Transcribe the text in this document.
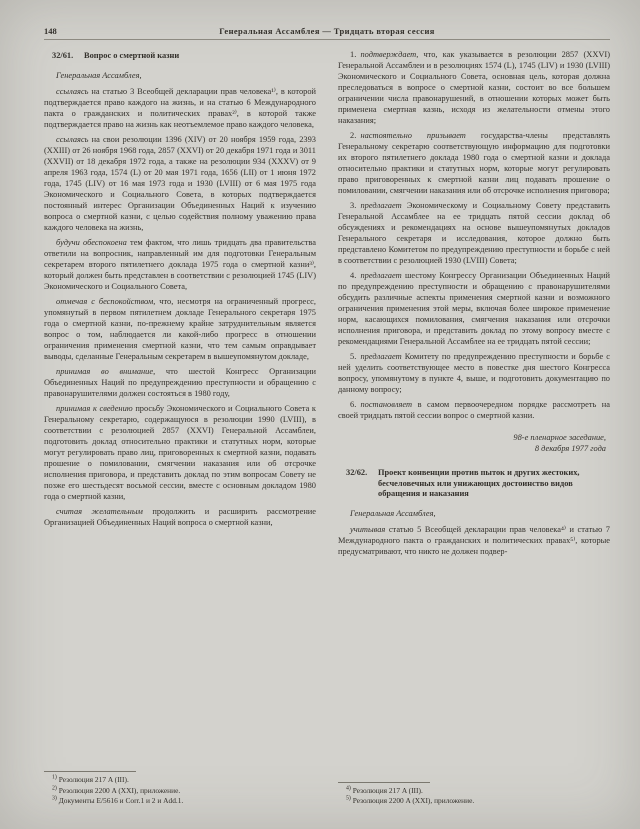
148	Генеральная Ассамблея — Тридцать вторая сессия
32/61.	Вопрос о смертной казни

Генеральная Ассамблея,

ссылаясь на статью 3 Всеобщей декларации прав человека¹⁾, в которой подтверждается право каждого на жизнь, и на статью 6 Международного пакта о гражданских и политических правах²⁾, в которой также подтверждается право на жизнь как неотъемлемое право каждого человека,

ссылаясь на свои резолюции 1396 (XIV) от 20 ноября 1959 года, 2393 (XXIII) от 26 ноября 1968 года, 2857 (XXVI) от 20 декабря 1971 года и 3011 (XXVII) от 18 декабря 1972 года, а также на резолюции 934 (XXXV) от 9 апреля 1963 года, 1574 (L) от 20 мая 1971 года, 1656 (LII) от 1 июня 1972 года, 1745 (LIV) от 16 мая 1973 года и 1930 (LVIII) от 6 мая 1975 года Экономического и Социального Совета, в которых подтверждается постоянный интерес Организации Объединенных Наций к изучению вопроса о смертной казни, с целью содействия полному уважению права каждого человека на жизнь,

будучи обеспокоена тем фактом, что лишь тридцать два правительства ответили на вопросник, направленный им для подготовки Генеральным секретарем второго пятилетнего доклада 1975 года о смертной казни³⁾, который должен быть представлен в соответствии с резолюцией 1745 (LIV) Экономического и Социального Совета,

отмечая с беспокойством, что, несмотря на ограниченный прогресс, упомянутый в первом пятилетнем докладе Генерального секретаря 1975 года о смертной казни, по-прежнему крайне затруднительным является вопрос о том, наблюдается ли какой-либо прогресс в отношении ограничения применения смертной казни, что тем самым оправдывает выводы, сделанные Генеральным секретарем в вышеупомянутом докладе,

принимая во внимание, что шестой Конгресс Организации Объединенных Наций по предупреждению преступности и обращению с правонарушителями должен состояться в 1980 году,

принимая к сведению просьбу Экономического и Социального Совета к Генеральному секретарю, содержащуюся в резолюции 1990 (LVIII), в соответствии с резолюцией 2857 (XXVI) Генеральной Ассамблеи, подготовить доклад относительно практики и статутных норм, которые могут регулировать право лиц, приговоренных к смертной казни, подавать прошение о помиловании, смягчении наказания или об отсрочке исполнения приговора, и представить доклад по этим вопросам Совету не позже его шестьдесят восьмой сессии, вместе с основным докладом 1980 года о смертной казни,

считая желательным продолжить и расширить рассмотрение Организацией Объединенных Наций вопроса о смертной казни,

$^{1)}$ Резолюция 217 A (III).

$^{2)}$ Резолюция 2200 A (XXI), приложение.

$^{3)}$ Документы E/5616 и Corr.1 и 2 и Add.1.

1.  подтверждает, что, как указывается в резолюции 2857 (XXVI) Генеральной Ассамблеи и в резолюциях 1574 (L), 1745 (LIV) и 1930 (LVIII) Экономического и Социального Совета, основная цель, которая должна преследоваться в вопросе о смертной казни, состоит во все большем ограничении числа правонарушений, в отношении которых может быть применена смертная казнь, исходя из желательности отмены этого наказания;

2.  настоятельно призывает государства-члены представлять Генеральному секретарю соответствующую информацию для подготовки их второго пятилетнего доклада 1980 года о смертной казни и доклада относительно практики и статутных норм, которые могут регулировать право приговоренных к смертной казни лиц подавать прошение о помиловании, смягчении наказания или об отсрочке исполнения приговора;

3.  предлагает Экономическому и Социальному Совету представить Генеральной Ассамблее на ее тридцать пятой сессии доклад об обсуждениях и рекомендациях на основе вышеупомянутых докладов Генерального секретаря и исследования, которое должно быть представлено Комитетом по предупреждению преступности и борьбе с ней в соответствии с резолюцией 1930 (LVIII) Совета;

4.  предлагает шестому Конгрессу Организации Объединенных Наций по предупреждению преступности и обращению с правонарушителями обсудить различные аспекты применения смертной казни и возможного ограничения применения этой меры, включая более широкое применение норм, касающихся помилования, смягчения наказания или отсрочки исполнения приговора, и представить доклад по этому вопросу вместе с рекомендациями Генеральной Ассамблее на ее тридцать пятой сессии;

5.  предлагает Комитету по предупреждению преступности и борьбе с ней уделить соответствующее место в повестке дня шестого Конгресса вопросу, упомянутому в пункте 4, выше, и подготовить документацию по данному вопросу;

6.  постановляет в самом первоочередном порядке рассмотреть на своей тридцать пятой сессии вопрос о смертной казни.

98-е пленарное заседание,
8 декабря 1977 года
32/62.	Проект конвенции против пыток и других жестоких, бесчеловечных или унижающих достоинство видов обращения и наказания

Генеральная Ассамблея,

учитывая статью 5 Всеобщей декларации прав человека⁴⁾ и статью 7 Международного пакта о гражданских и политических правах⁵⁾, которые предусматривают, что никто не должен подвер-

$^{4)}$ Резолюция 217 A (III).

$^{5)}$ Резолюция 2200 A (XXI), приложение.
